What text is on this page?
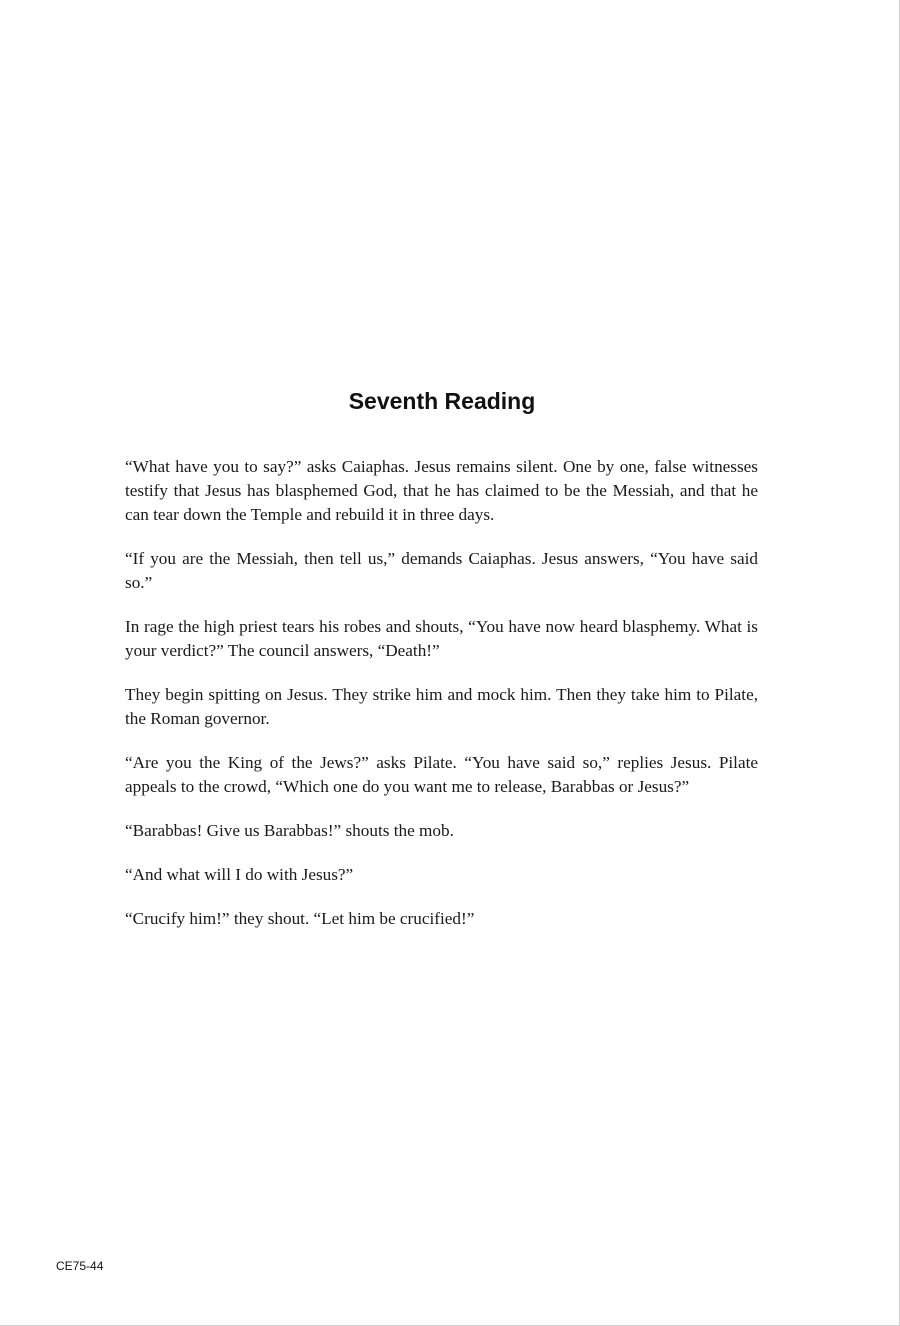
Seventh Reading

“What have you to say?” asks Caiaphas. Jesus remains silent. One by one, false witnesses testify that Jesus has blasphemed God, that he has claimed to be the Messiah, and that he can tear down the Temple and rebuild it in three days.

“If you are the Messiah, then tell us,” demands Caiaphas. Jesus answers, “You have said so.”

In rage the high priest tears his robes and shouts, “You have now heard blasphemy. What is your verdict?” The council answers, “Death!”

They begin spitting on Jesus. They strike him and mock him. Then they take him to Pilate, the Roman governor.

“Are you the King of the Jews?” asks Pilate. “You have said so,” replies Jesus. Pilate appeals to the crowd, “Which one do you want me to release, Barabbas or Jesus?”

“Barabbas! Give us Barabbas!” shouts the mob.

“And what will I do with Jesus?”

“Crucify him!” they shout. “Let him be crucified!”

CE75-44
